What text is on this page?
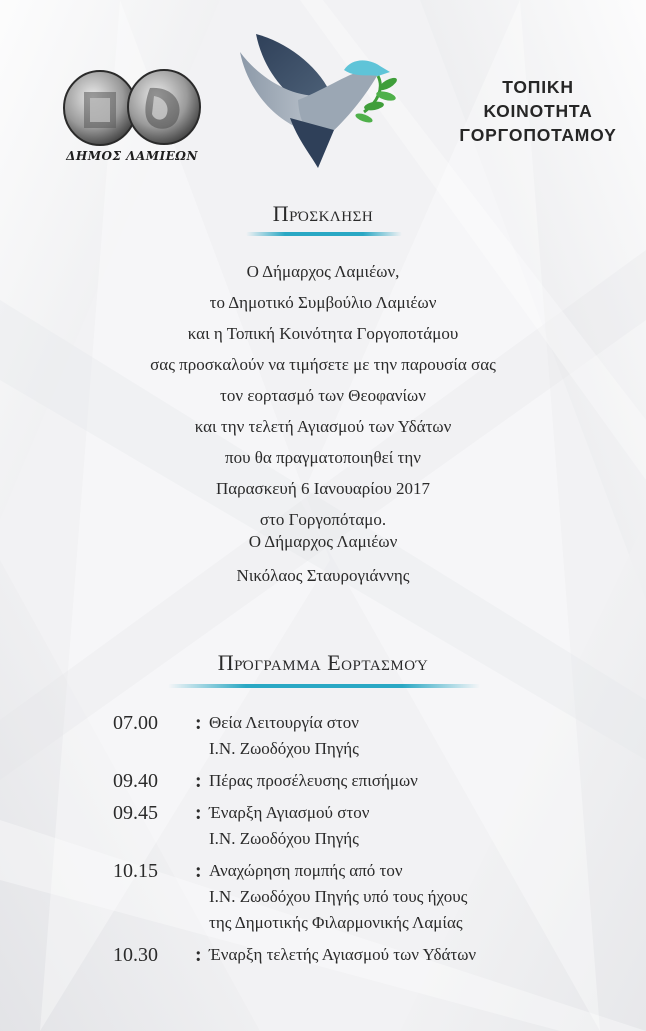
ΔΗΜΟΣ ΛΑΜΙΕΩΝ
ΤΟΠΙΚΗ
ΚΟΙΝΟΤΗΤΑ
ΓΟΡΓΟΠΟΤΑΜΟΥ
Πρόσκληση
Ο Δήμαρχος Λαμιέων,
το Δημοτικό Συμβούλιο Λαμιέων
και η Τοπική Κοινότητα Γοργοποτάμου
σας προσκαλούν να τιμήσετε με την παρουσία σας
τον εορτασμό των Θεοφανίων
και την τελετή Αγιασμού των Υδάτων
που θα πραγματοποιηθεί την
Παρασκευή 6 Ιανουαρίου 2017
στο Γοργοπόταμο.
Ο Δήμαρχος Λαμιέων
Νικόλαος Σταυρογιάννης
Πρόγραμμα Εορτασμού
07.00	: Θεία Λειτουργία στον
Ι.Ν. Ζωοδόχου Πηγής
09.40	: Πέρας προσέλευσης επισήμων
09.45	: Έναρξη Αγιασμού στον
Ι.Ν. Ζωοδόχου Πηγής
10.15	: Αναχώρηση πομπής από τον
Ι.Ν. Ζωοδόχου Πηγής υπό τους ήχους
της Δημοτικής Φιλαρμονικής Λαμίας
10.30	: Έναρξη τελετής Αγιασμού των Υδάτων
